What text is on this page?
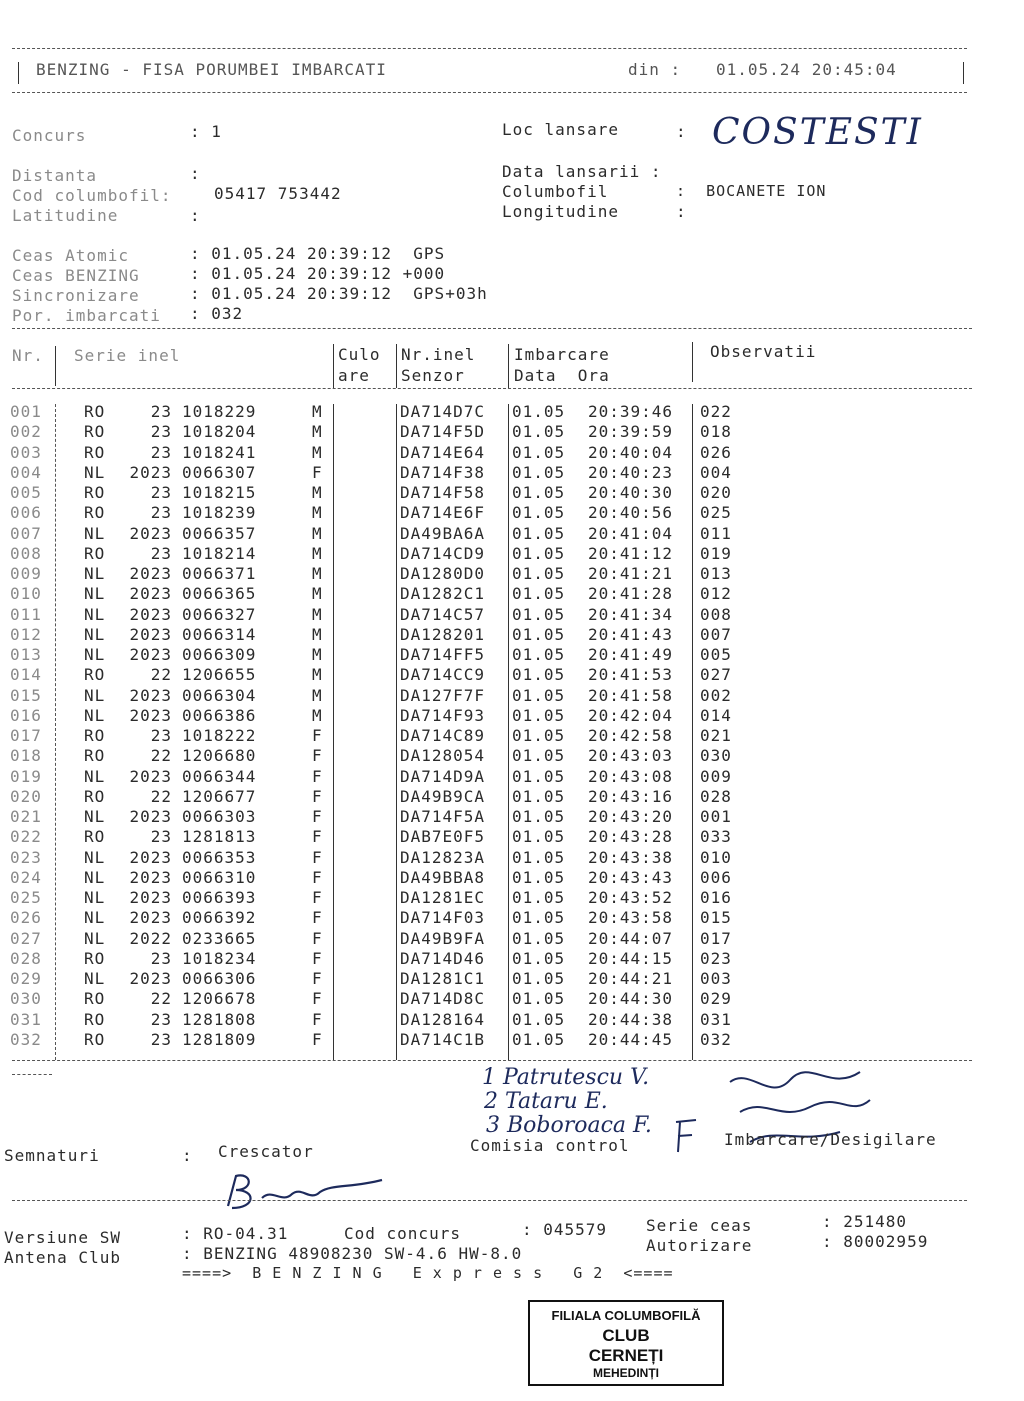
BENZING - FISA PORUMBEI IMBARCATI	din : 01.05.24 20:45:04
Concurs	: 1	Loc lansare	: COSTESTI
Distanta	:	Data lansarii :
Cod columbofil:	05417 753442	Columbofil	:  BOCANETE ION
Latitudine	:	Longitudine	:
Ceas Atomic	: 01.05.24 20:39:12  GPS
Ceas BENZING	: 01.05.24 20:39:12 +000
Sincronizare	: 01.05.24 20:39:12  GPS+03h
Por. imbarcati : 032
Nr. Serie inel	Culo
are
Nr.inel
Senzor
Imbarcare
Data  Ora
Observatii
001	RO	23 1018229	M	DA714D7C 01.05 20:39:46 022
002	RO	23 1018204	M	DA714F5D 01.05 20:39:59 018
003	RO	23 1018241	M	DA714E64 01.05 20:40:04 026
004	NL 2023 0066307	F	DA714F38 01.05 20:40:23 004
005	RO	23 1018215	M	DA714F58 01.05 20:40:30 020
006	RO	23 1018239	M	DA714E6F 01.05 20:40:56 025
007	NL 2023 0066357	M	DA49BA6A 01.05 20:41:04 011
008	RO	23 1018214	M	DA714CD9 01.05 20:41:12 019
009	NL 2023 0066371	M	DA1280D0 01.05 20:41:21 013
010	NL 2023 0066365	M	DA1282C1 01.05 20:41:28 012
011	NL 2023 0066327	M	DA714C57 01.05 20:41:34 008
012	NL 2023 0066314	M	DA128201 01.05 20:41:43 007
013	NL 2023 0066309	M	DA714FF5 01.05 20:41:49 005
014	RO	22 1206655	M	DA714CC9 01.05 20:41:53 027
015	NL 2023 0066304	M	DA127F7F 01.05 20:41:58 002
016	NL 2023 0066386	M	DA714F93 01.05 20:42:04 014
017	RO	23 1018222	F	DA714C89 01.05 20:42:58 021
018	RO	22 1206680	F	DA128054 01.05 20:43:03 030
019	NL 2023 0066344	F	DA714D9A 01.05 20:43:08 009
020	RO	22 1206677	F	DA49B9CA 01.05 20:43:16 028
021	NL 2023 0066303	F	DA714F5A 01.05 20:43:20 001
022	RO	23 1281813	F	DAB7E0F5 01.05 20:43:28 033
023	NL 2023 0066353	F	DA12823A 01.05 20:43:38 010
024	NL 2023 0066310	F	DA49BBA8 01.05 20:43:43 006
025	NL 2023 0066393	F	DA1281EC 01.05 20:43:52 016
026	NL 2023 0066392	F	DA714F03 01.05 20:43:58 015
027	NL 2022 0233665	F	DA49B9FA 01.05 20:44:07 017
028	RO	23 1018234	F	DA714D46 01.05 20:44:15 023
029	NL 2023 0066306	F	DA1281C1 01.05 20:44:21 003
030	RO	22 1206678	F	DA714D8C 01.05 20:44:30 029
031	RO	23 1281808	F	DA128164 01.05 20:44:38 031
032	RO	23 1281809	F	DA714C1B 01.05 20:44:45 032
1 Patrutescu V.
2 Tataru E.
3 Boboroaca F.
Semnaturi	: Crescator	Comisia control	Imbarcare/Desigilare
Versiune SW	: RO-04.31	Cod concurs	: 045579 Serie ceas	: 251480
Antena Club	: BENZING 48908230 SW-4.6 HW-8.0	Autorizare	: 80002959
====>  B E N Z I N G   E x p r e s s   G 2  <====
FILIALA COLUMBOFILĂ
CLUB
CERNEȚI
MEHEDINȚI
